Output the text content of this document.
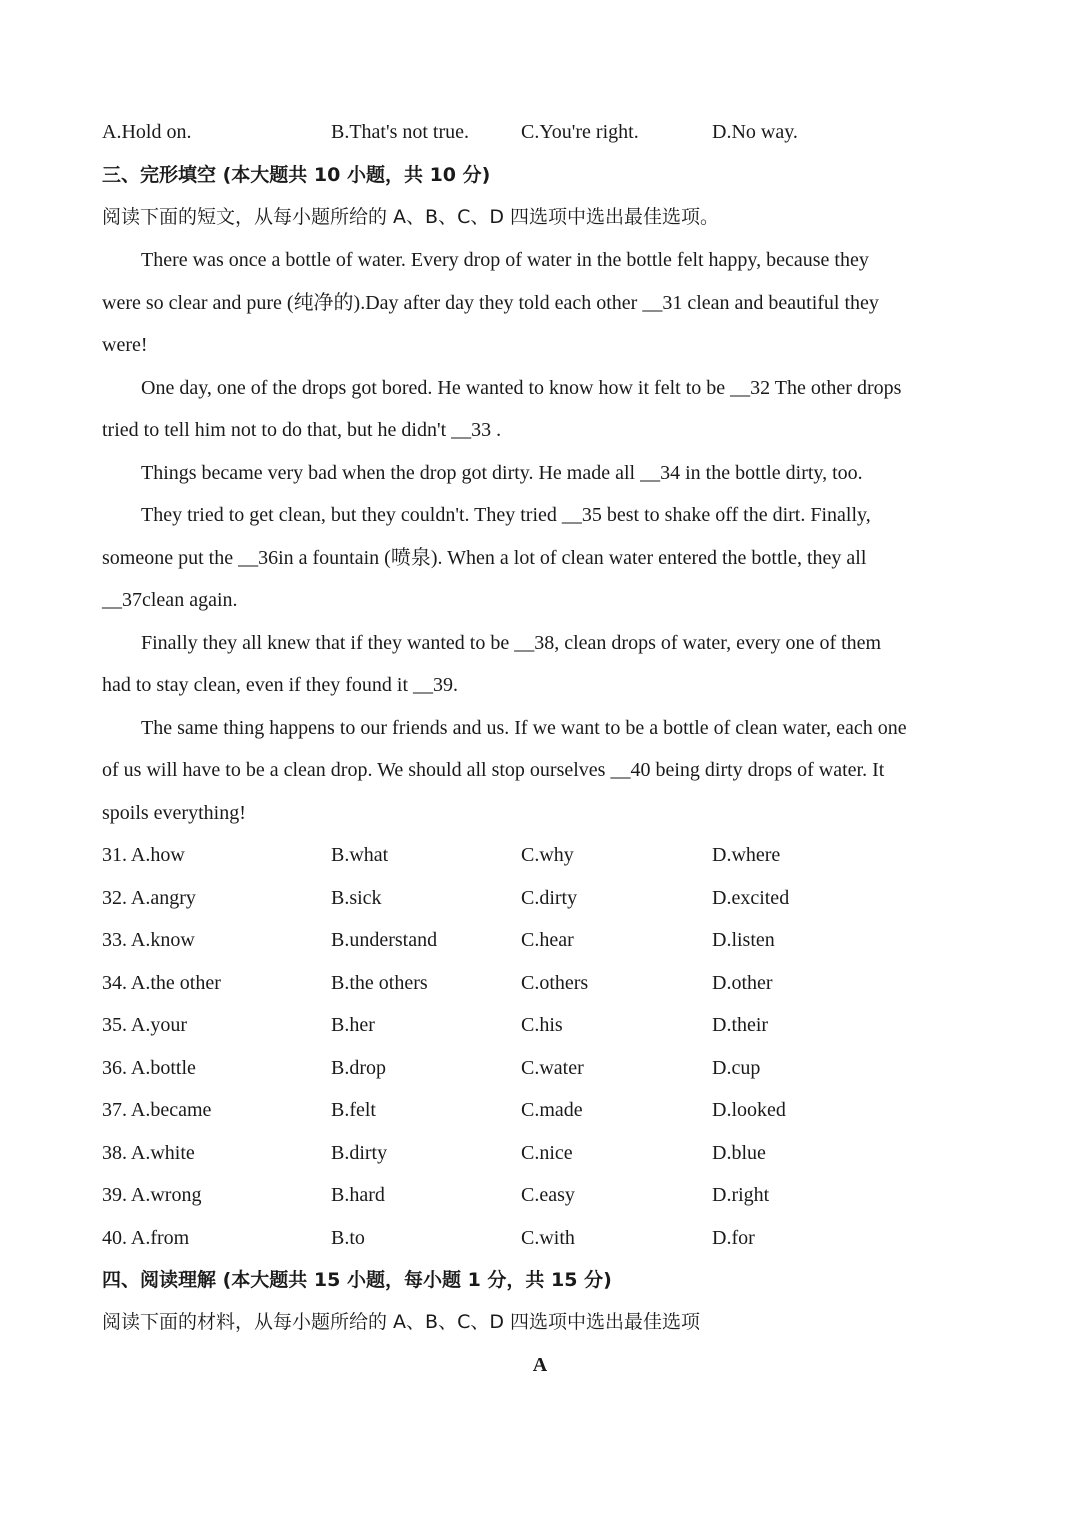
A.Hold on.	B.That's not true.	C.You're right.	D.No way.
三、完形填空 (本大题共 10 小题，共 10 分)
阅读下面的短文，从每小题所给的 A、B、C、D 四选项中选出最佳选项。
There was once a bottle of water. Every drop of water in the bottle felt happy, because they
were so clear and pure (纯净的).Day after day they told each other __31 clean and beautiful they
were!
One day, one of the drops got bored. He wanted to know how it felt to be __32 The other drops
tried to tell him not to do that, but he didn't __33 .
Things became very bad when the drop got dirty. He made all __34 in the bottle dirty, too.
They tried to get clean, but they couldn't. They tried __35 best to shake off the dirt. Finally,
someone put the __36in a fountain (喷泉). When a lot of clean water entered the bottle, they all
__37clean again.
Finally they all knew that if they wanted to be __38, clean drops of water, every one of them
had to stay clean, even if they found it __39.
The same thing happens to our friends and us. If we want to be a bottle of clean water, each one
of us will have to be a clean drop. We should all stop ourselves __40 being dirty drops of water. It
spoils everything!
31. A.how	B.what	C.why	D.where
32. A.angry	B.sick	C.dirty	D.excited
33. A.know	B.understand	C.hear	D.listen
34. A.the other	B.the others	C.others	D.other
35. A.your	B.her	C.his	D.their
36. A.bottle	B.drop	C.water	D.cup
37. A.became	B.felt	C.made	D.looked
38. A.white	B.dirty	C.nice	D.blue
39. A.wrong	B.hard	C.easy	D.right
40. A.from	B.to	C.with	D.for
四、阅读理解 (本大题共 15 小题，每小题 1 分，共 15 分)
阅读下面的材料，从每小题所给的 A、B、C、D 四选项中选出最佳选项
A
